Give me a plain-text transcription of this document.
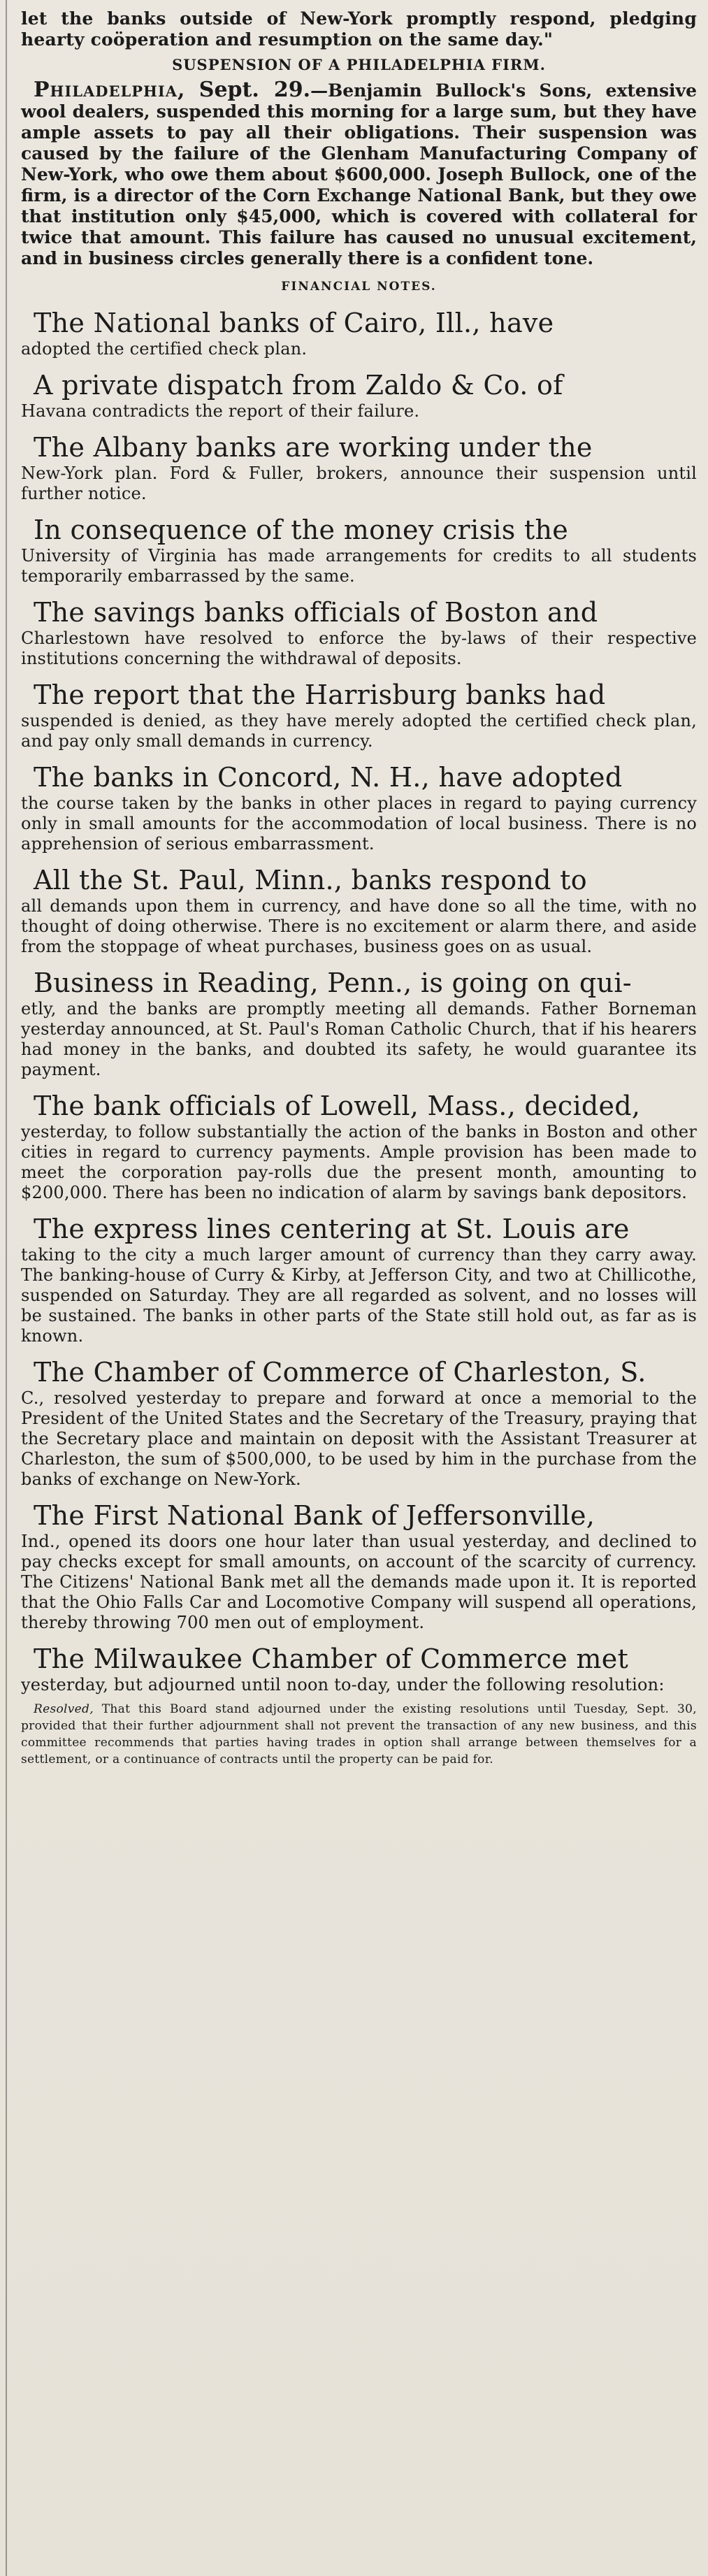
let the banks outside of New-York promptly respond, pledging hearty coöperation and resumption on the same day."

SUSPENSION OF A PHILADELPHIA FIRM.

Philadelphia, Sept. 29.—Benjamin Bullock's Sons, extensive wool dealers, suspended this morning for a large sum, but they have ample assets to pay all their obligations. Their suspension was caused by the failure of the Glenham Manufacturing Company of New-York, who owe them about $600,000. Joseph Bullock, one of the firm, is a director of the Corn Exchange National Bank, but they owe that institution only $45,000, which is covered with collateral for twice that amount. This failure has caused no unusual excitement, and in business circles generally there is a confident tone.

FINANCIAL NOTES.
The National banks of Cairo, Ill., have

adopted the certified check plan.

A private dispatch from Zaldo & Co. of

Havana contradicts the report of their failure.

The Albany banks are working under the

New-York plan. Ford & Fuller, brokers, announce their suspension until further notice.

In consequence of the money crisis the

University of Virginia has made arrangements for credits to all students temporarily embarrassed by the same.

The savings banks officials of Boston and

Charlestown have resolved to enforce the by-laws of their respective institutions concerning the withdrawal of deposits.

The report that the Harrisburg banks had

suspended is denied, as they have merely adopted the certified check plan, and pay only small demands in currency.

The banks in Concord, N. H., have adopted

the course taken by the banks in other places in regard to paying currency only in small amounts for the accommodation of local business. There is no apprehension of serious embarrassment.

All the St. Paul, Minn., banks respond to

all demands upon them in currency, and have done so all the time, with no thought of doing otherwise. There is no excitement or alarm there, and aside from the stoppage of wheat purchases, business goes on as usual.

Business in Reading, Penn., is going on qui-

etly, and the banks are promptly meeting all demands. Father Borneman yesterday announced, at St. Paul's Roman Catholic Church, that if his hearers had money in the banks, and doubted its safety, he would guarantee its payment.

The bank officials of Lowell, Mass., decided,

yesterday, to follow substantially the action of the banks in Boston and other cities in regard to currency payments. Ample provision has been made to meet the corporation pay-rolls due the present month, amounting to $200,000. There has been no indication of alarm by savings bank depositors.

The express lines centering at St. Louis are

taking to the city a much larger amount of currency than they carry away. The banking-house of Curry & Kirby, at Jefferson City, and two at Chillicothe, suspended on Saturday. They are all regarded as solvent, and no losses will be sustained. The banks in other parts of the State still hold out, as far as is known.

The Chamber of Commerce of Charleston, S.

C., resolved yesterday to prepare and forward at once a memorial to the President of the United States and the Secretary of the Treasury, praying that the Secretary place and maintain on deposit with the Assistant Treasurer at Charleston, the sum of $500,000, to be used by him in the purchase from the banks of exchange on New-York.

The First National Bank of Jeffersonville,

Ind., opened its doors one hour later than usual yesterday, and declined to pay checks except for small amounts, on account of the scarcity of currency. The Citizens' National Bank met all the demands made upon it. It is reported that the Ohio Falls Car and Locomotive Company will suspend all operations, thereby throwing 700 men out of employment.

The Milwaukee Chamber of Commerce met

yesterday, but adjourned until noon to-day, under the following resolution:

Resolved, That this Board stand adjourned under the existing resolutions until Tuesday, Sept. 30, provided that their further adjournment shall not prevent the transaction of any new business, and this committee recommends that parties having trades in option shall arrange between themselves for a settlement, or a continuance of contracts until the property can be paid for.
